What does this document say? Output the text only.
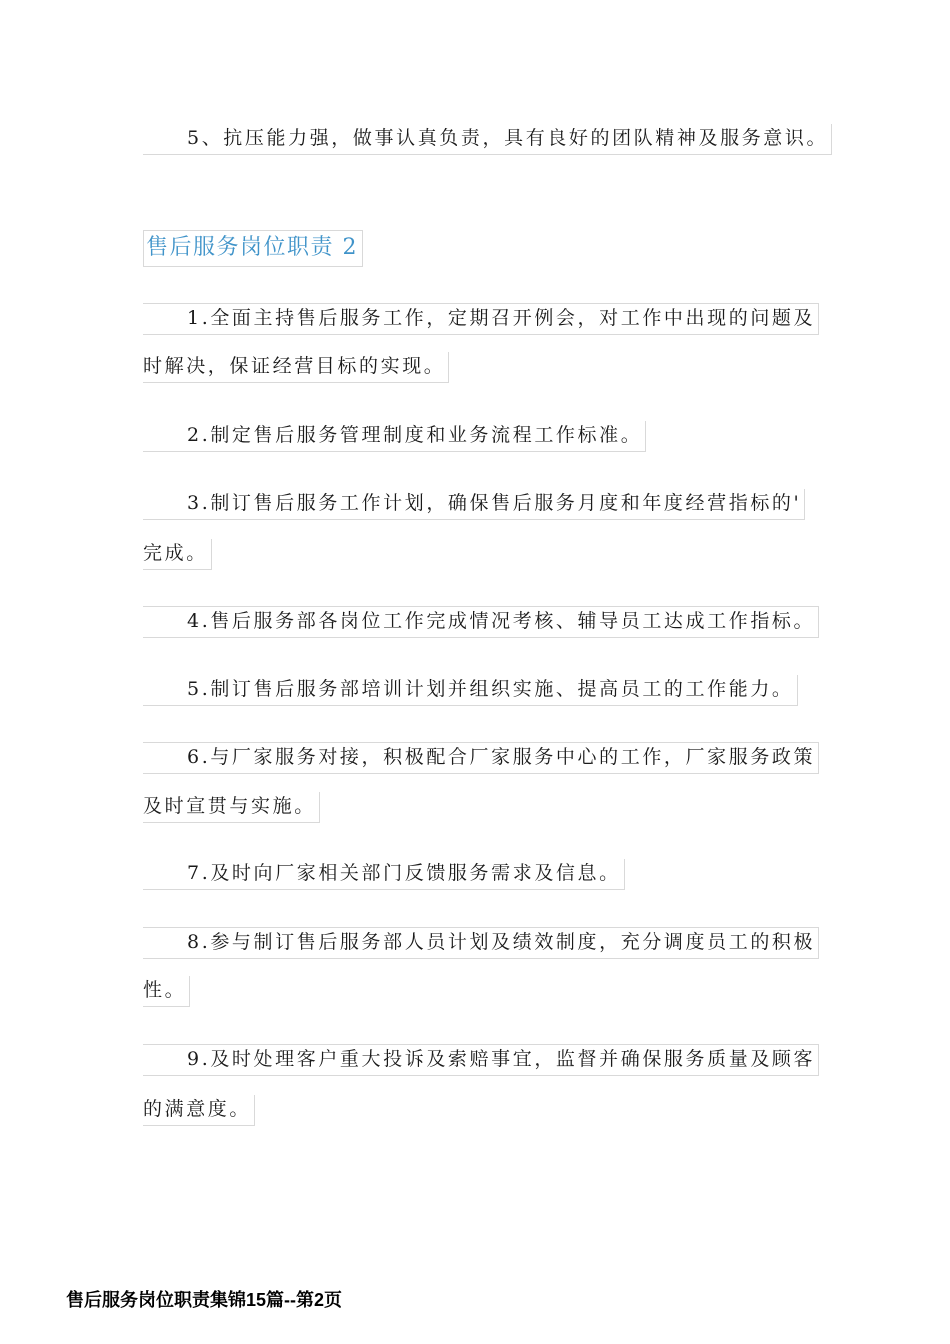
5、抗压能力强，做事认真负责，具有良好的团队精神及服务意识。
售后服务岗位职责 2
1.全面主持售后服务工作，定期召开例会，对工作中出现的问题及
时解决，保证经营目标的实现。
2.制定售后服务管理制度和业务流程工作标准。
3.制订售后服务工作计划，确保售后服务月度和年度经营指标的'
完成。
4.售后服务部各岗位工作完成情况考核、辅导员工达成工作指标。
5.制订售后服务部培训计划并组织实施、提高员工的工作能力。
6.与厂家服务对接，积极配合厂家服务中心的工作，厂家服务政策
及时宣贯与实施。
7.及时向厂家相关部门反馈服务需求及信息。
8.参与制订售后服务部人员计划及绩效制度，充分调度员工的积极
性。
9.及时处理客户重大投诉及索赔事宜，监督并确保服务质量及顾客
的满意度。
售后服务岗位职责集锦15篇--第2页
